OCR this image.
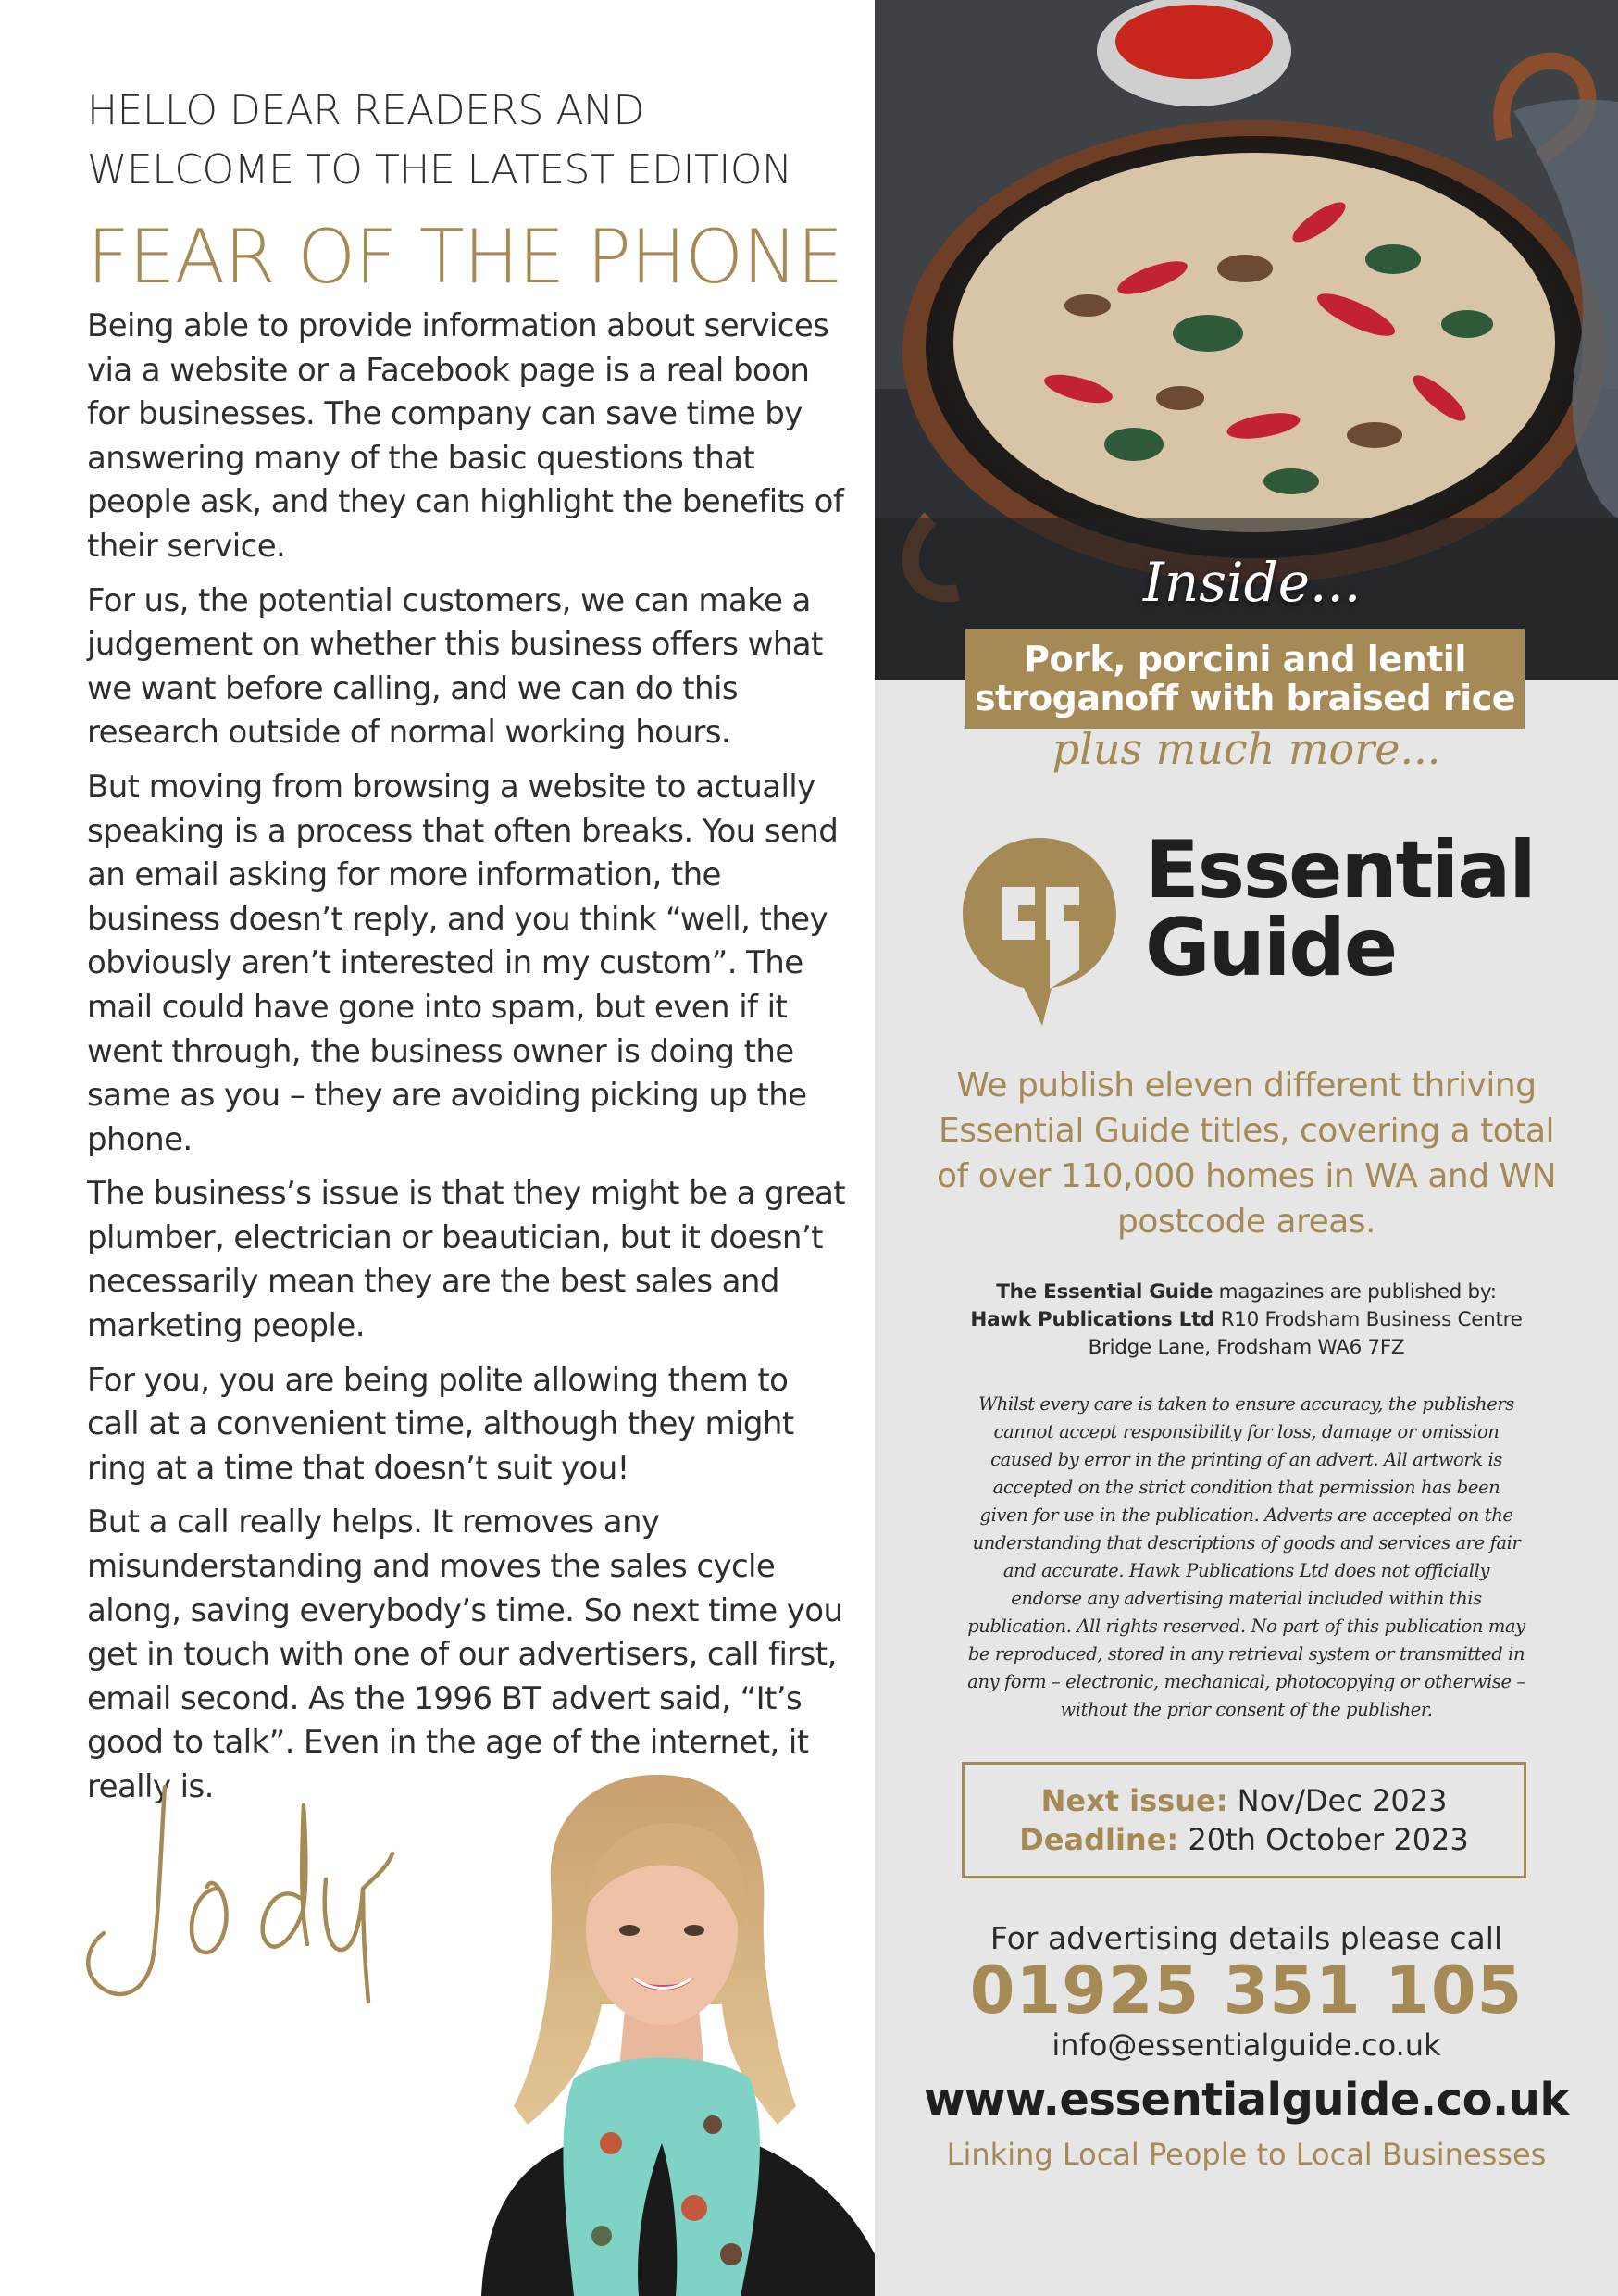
HELLO DEAR READERS AND
WELCOME TO THE LATEST EDITION
FEAR OF THE PHONE

Being able to provide information about services via a website or a Facebook page is a real boon for businesses. The company can save time by answering many of the basic questions that people ask, and they can highlight the benefits of their service.

For us, the potential customers, we can make a judgement on whether this business offers what we want before calling, and we can do this research outside of normal working hours.

But moving from browsing a website to actually speaking is a process that often breaks. You send an email asking for more information, the business doesn’t reply, and you think “well, they obviously aren’t interested in my custom”. The mail could have gone into spam, but even if it went through, the business owner is doing the same as you – they are avoiding picking up the phone.

The business’s issue is that they might be a great plumber, electrician or beautician, but it doesn’t necessarily mean they are the best sales and marketing people.

For you, you are being polite allowing them to call at a convenient time, although they might ring at a time that doesn’t suit you!

But a call really helps. It removes any misunderstanding and moves the sales cycle along, saving everybody’s time. So next time you get in touch with one of our advertisers, call first, email second. As the 1996 BT advert said, “It’s good to talk”. Even in the age of the internet, it really is.

Inside...
Pork, porcini and lentil
stroganoff with braised rice
plus much more...
Essential
Guide
We publish eleven different thriving Essential Guide titles, covering a total of over 110,000 homes in WA and WN postcode areas.
The Essential Guide magazines are published by:
Hawk Publications Ltd R10 Frodsham Business Centre
Bridge Lane, Frodsham WA6 7FZ
Whilst every care is taken to ensure accuracy, the publishers cannot accept responsibility for loss, damage or omission caused by error in the printing of an advert. All artwork is accepted on the strict condition that permission has been given for use in the publication. Adverts are accepted on the understanding that descriptions of goods and services are fair and accurate. Hawk Publications Ltd does not officially endorse any advertising material included within this publication. All rights reserved. No part of this publication may be reproduced, stored in any retrieval system or transmitted in any form – electronic, mechanical, photocopying or otherwise – without the prior consent of the publisher.
Next issue: Nov/Dec 2023
Deadline: 20th October 2023
For advertising details please call
01925 351 105
info@essentialguide.co.uk
www.essentialguide.co.uk
Linking Local People to Local Businesses
